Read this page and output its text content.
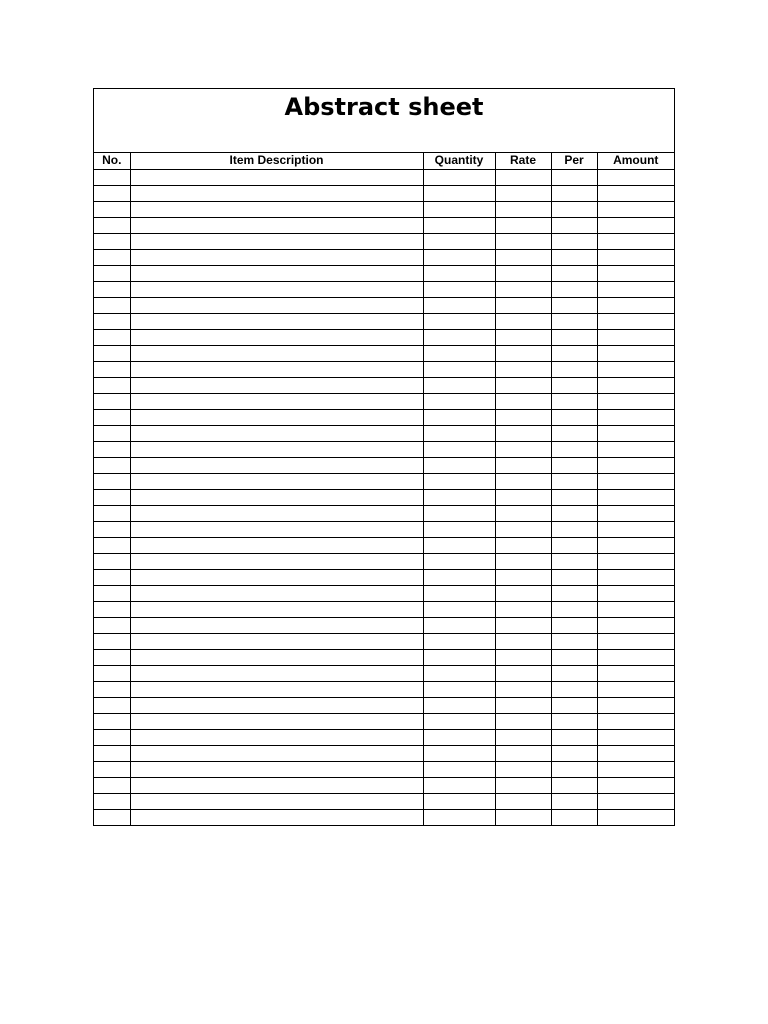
Abstract sheet
No.	Item Description	Quantity	Rate	Per	Amount
